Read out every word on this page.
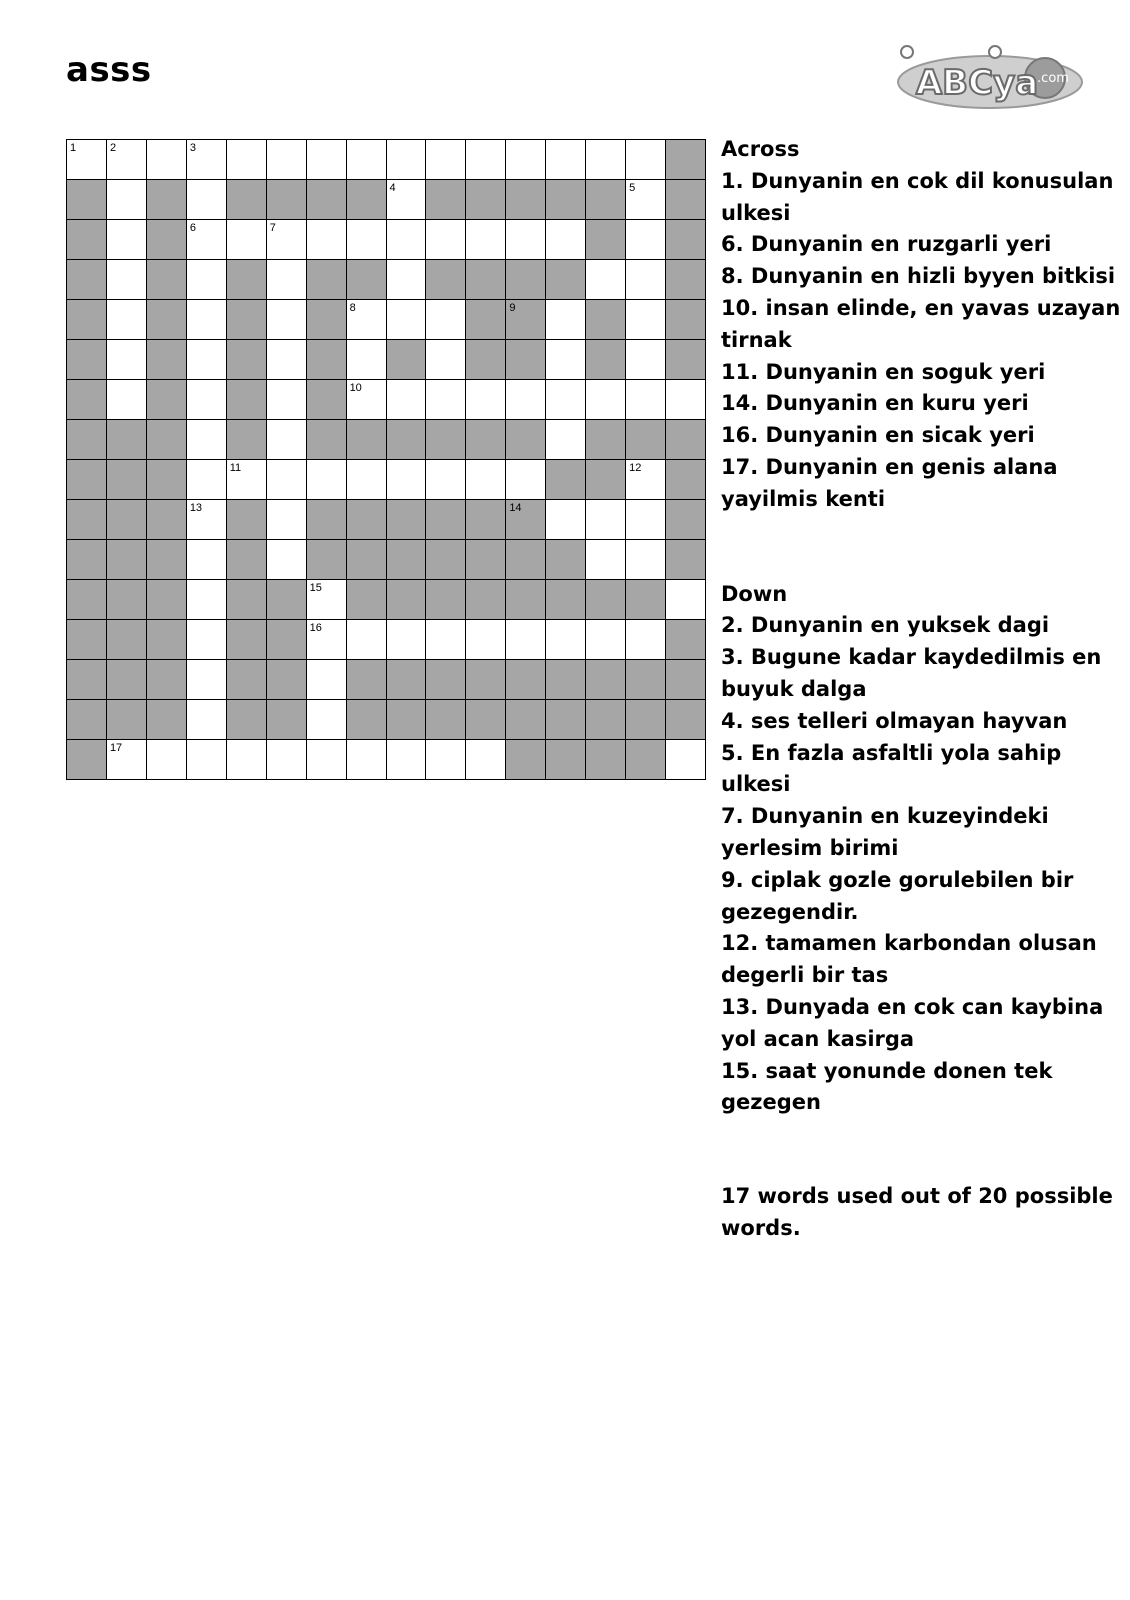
asss	ABCya
.com
1	2	3
4	5
6	7
8	9
10
11	12
13	14
15
16
17
Across
1. Dunyanin en cok dil konusulan ulkesi
6. Dunyanin en ruzgarli yeri
8. Dunyanin en hizli byyen bitkisi
10. insan elinde, en yavas uzayan tirnak
11. Dunyanin en soguk yeri
14. Dunyanin en kuru yeri
16. Dunyanin en sicak yeri
17. Dunyanin en genis alana yayilmis kenti
Down
2. Dunyanin en yuksek dagi
3. Bugune kadar kaydedilmis en buyuk dalga
4. ses telleri olmayan hayvan
5. En fazla asfaltli yola sahip ulkesi
7. Dunyanin en kuzeyindeki yerlesim birimi
9. ciplak gozle gorulebilen bir gezegendir.
12. tamamen karbondan olusan degerli bir tas
13. Dunyada en cok can kaybina yol acan kasirga
15. saat yonunde donen tek gezegen
17 words used out of 20 possible words.
